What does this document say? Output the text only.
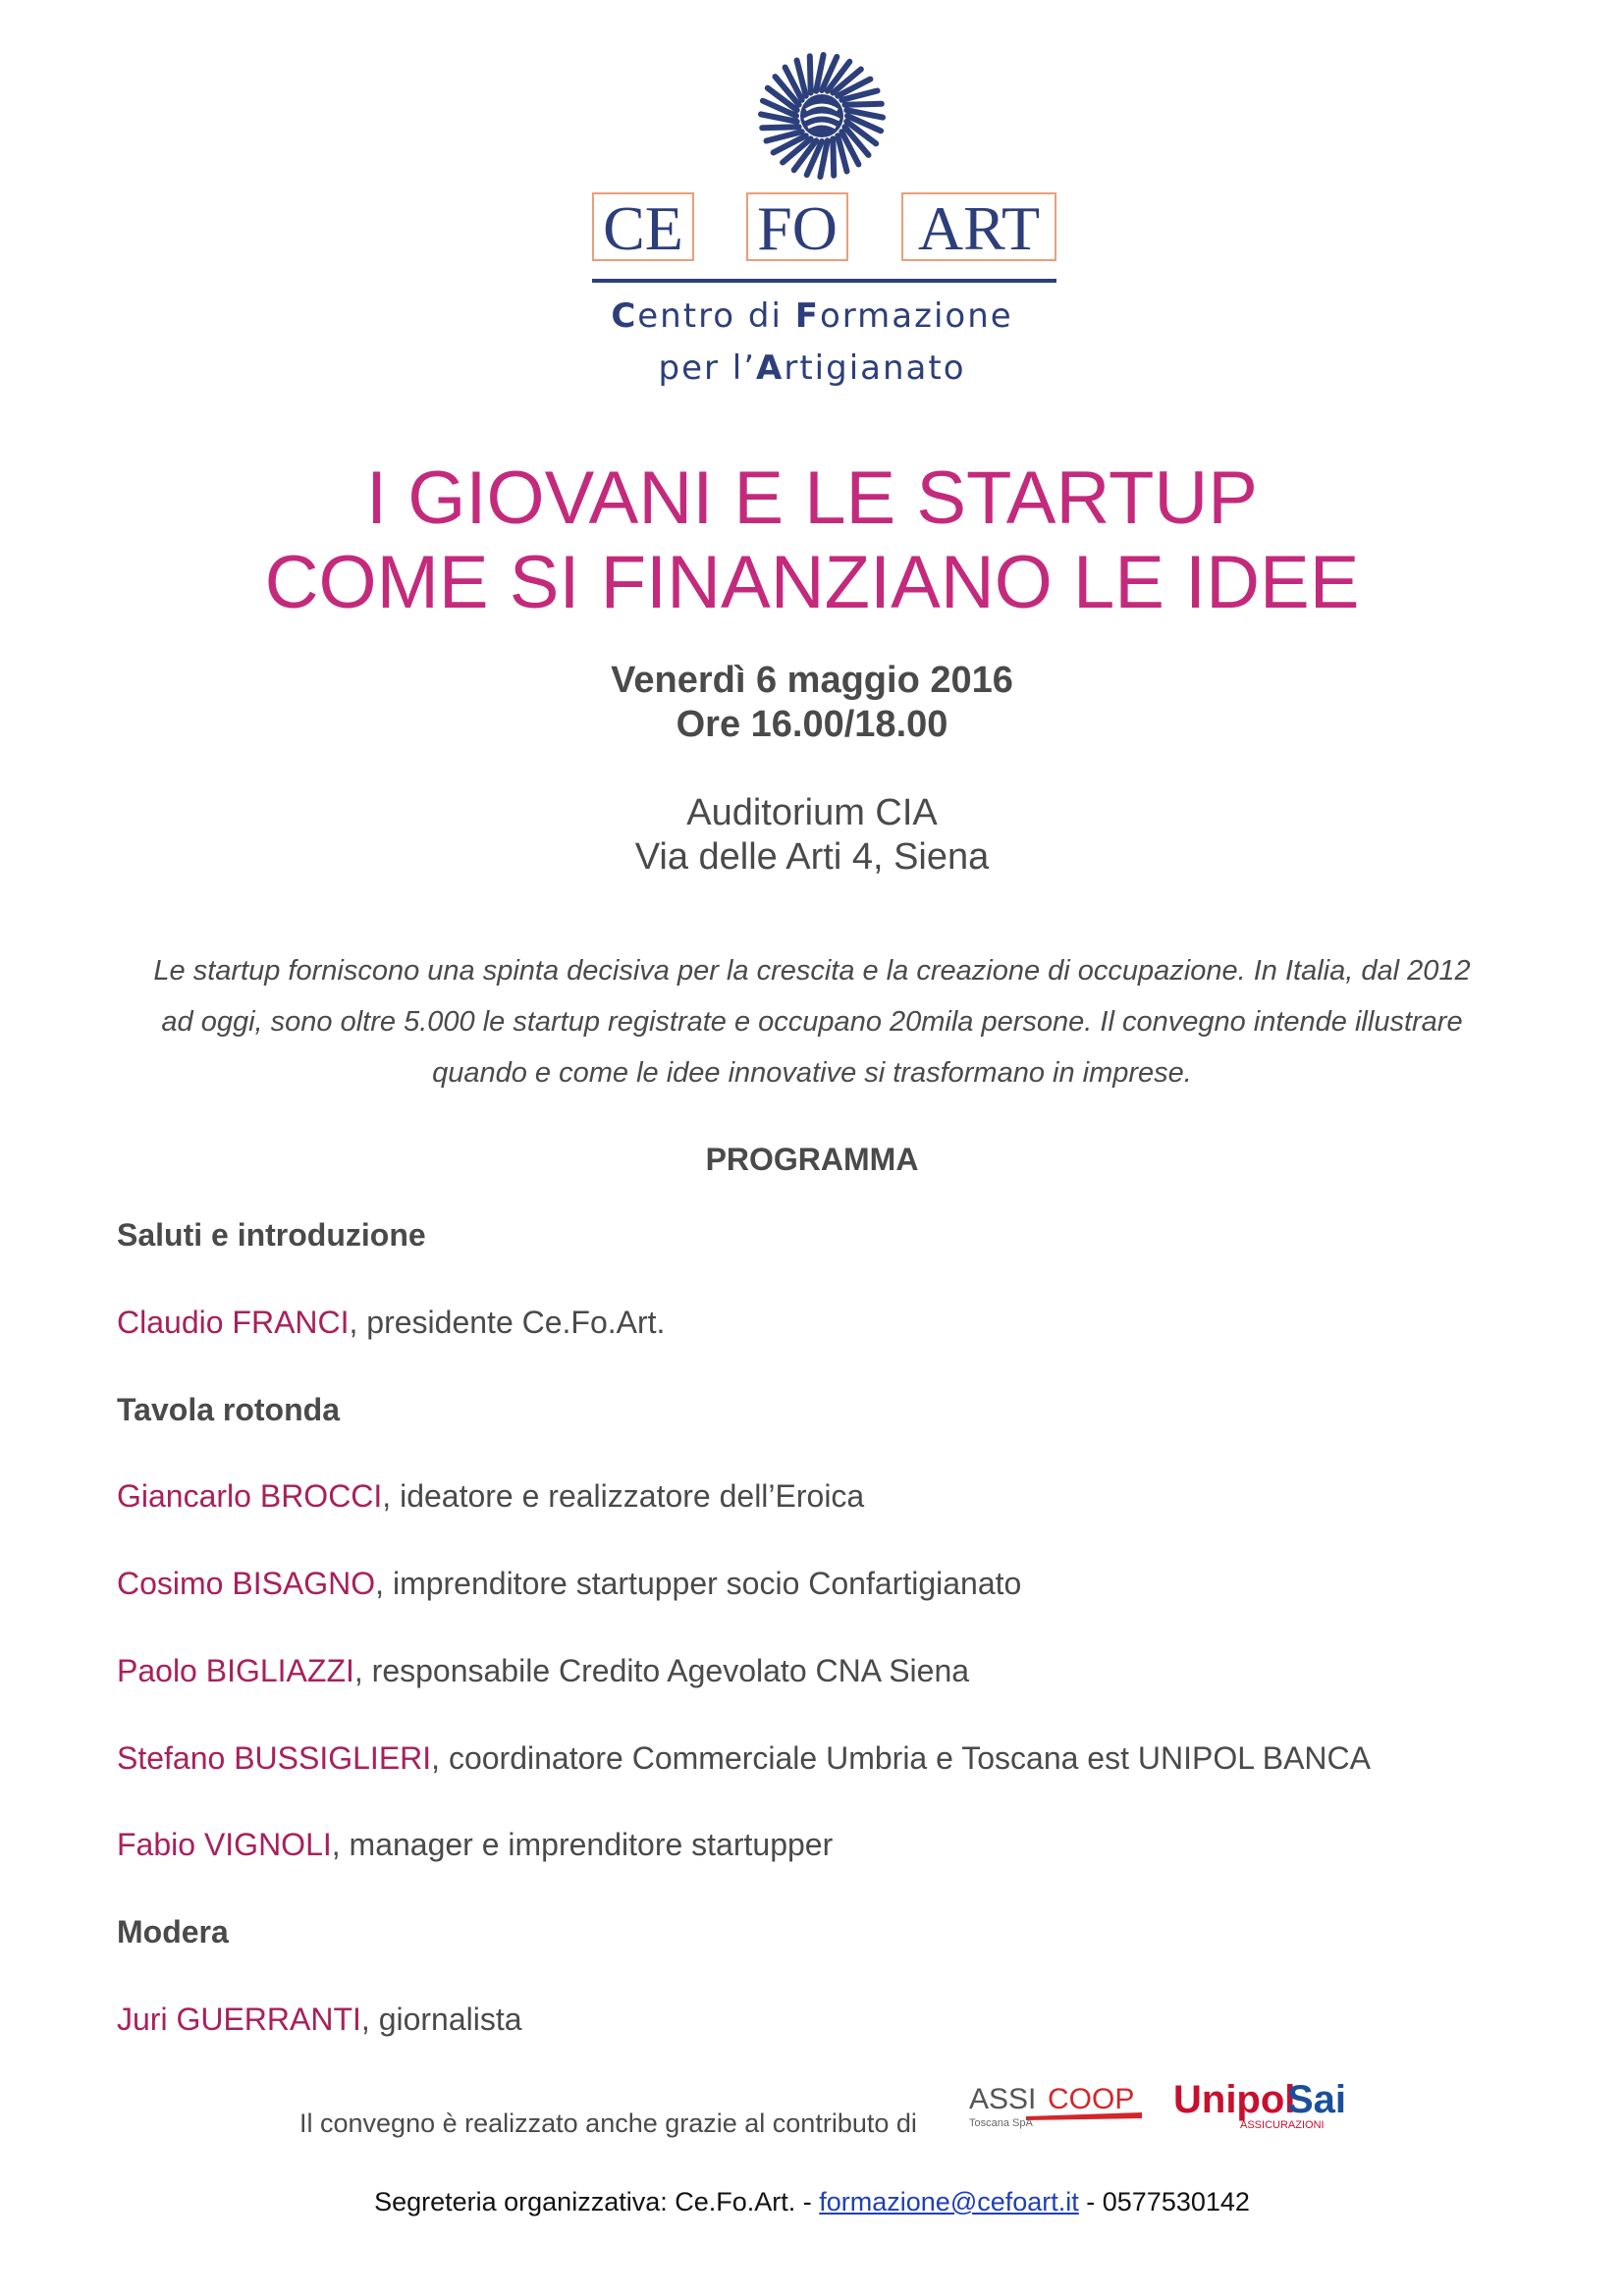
CE FO ART
Centro di Formazione
per l’Artigianato
I GIOVANI E LE STARTUP
COME SI FINANZIANO LE IDEE
Venerdì 6 maggio 2016
Ore 16.00/18.00
Auditorium CIA
Via delle Arti 4, Siena
Le startup forniscono una spinta decisiva per la crescita e la creazione di occupazione. In Italia, dal 2012
ad oggi, sono oltre 5.000 le startup registrate e occupano 20mila persone. Il convegno intende illustrare
quando e come le idee innovative si trasformano in imprese.
PROGRAMMA
Saluti e introduzione
Claudio FRANCI, presidente Ce.Fo.Art.
Tavola rotonda
Giancarlo BROCCI, ideatore e realizzatore dell’Eroica
Cosimo BISAGNO, imprenditore startupper socio Confartigianato
Paolo BIGLIAZZI, responsabile Credito Agevolato CNA Siena
Stefano BUSSIGLIERI, coordinatore Commerciale Umbria e Toscana est UNIPOL BANCA
Fabio VIGNOLI, manager e imprenditore startupper
Modera
Juri GUERRANTI, giornalista
Il convegno è realizzato anche grazie al contributo di
ASSI COOP
Toscana SpA
Unipol
Sai
ASSICURAZIONI
Segreteria organizzativa: Ce.Fo.Art. - formazione@cefoart.it - 0577530142
